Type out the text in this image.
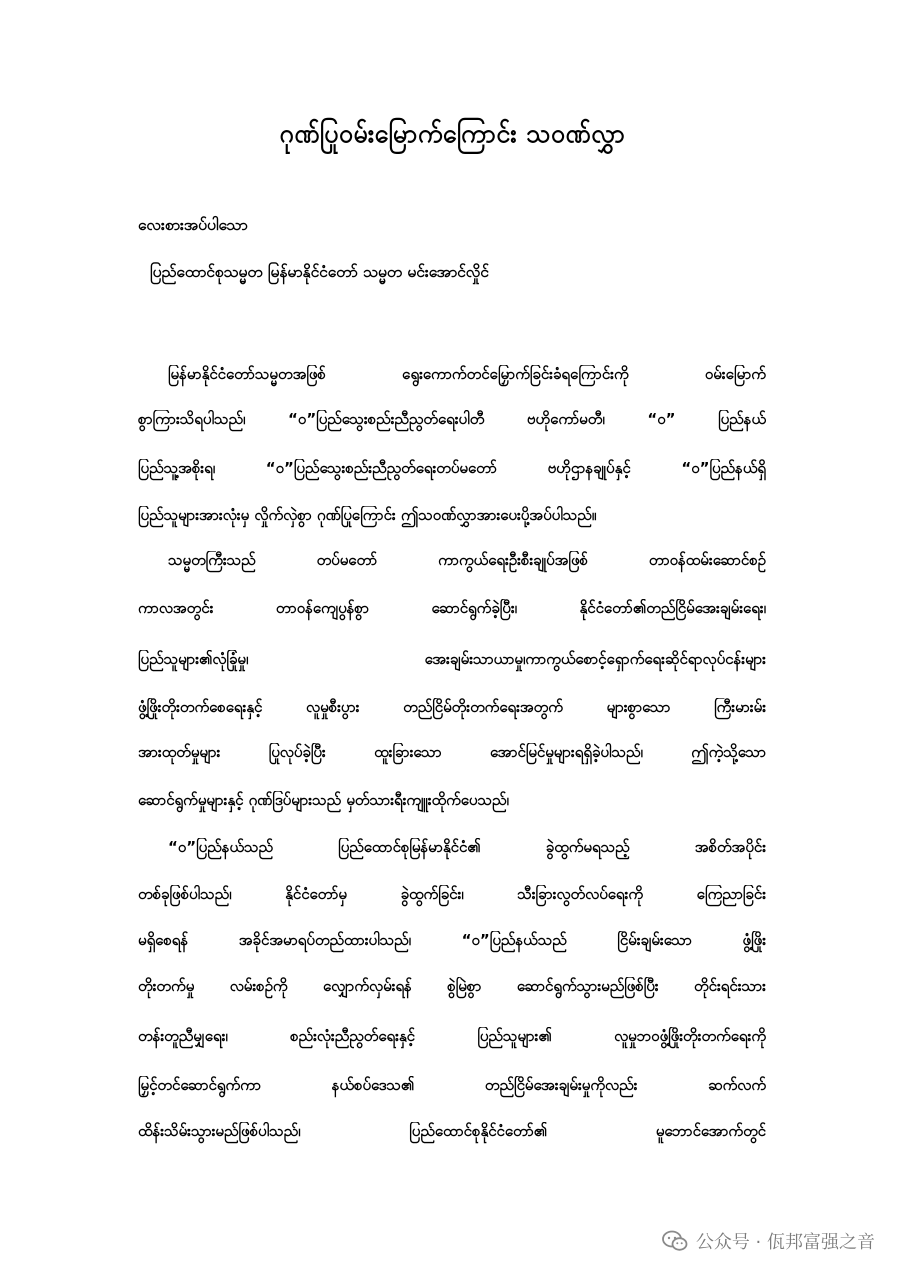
ဂုဏ်ပြုဝမ်းမြောက်ကြောင်း သဝဏ်လွှာ
လေးစားအပ်ပါသော
ပြည်ထောင်စုသမ္မတ မြန်မာနိုင်ငံတော် သမ္မတ မင်းအောင်လှိုင်
မြန်မာနိုင်ငံတော်သမ္မတအဖြစ် ရွေးကောက်တင်မြှောက်ခြင်းခံရကြောင်းကို ဝမ်းမြောက်
စွာကြားသိရပါသည်၊ “ဝ”ပြည်သွေးစည်းညီညွတ်ရေးပါတီ ဗဟိုကော်မတီ၊ “ဝ” ပြည်နယ်
ပြည်သူ့အစိုးရ၊ “ဝ”ပြည်သွေးစည်းညီညွတ်ရေးတပ်မတော် ဗဟိုဌာနချုပ်နှင့် “ဝ”ပြည်နယ်ရှိ
ပြည်သူများအားလုံးမှ လှိုက်လှဲစွာ ဂုဏ်ပြုကြောင်း ဤသဝဏ်လွှာအားပေးပို့အပ်ပါသည်။
သမ္မတကြီးသည် တပ်မတော် ကာကွယ်ရေးဦးစီးချုပ်အဖြစ် တာဝန်ထမ်းဆောင်စဉ်
ကာလအတွင်း တာဝန်ကျေပွန်စွာ ဆောင်ရွက်ခဲ့ပြီး၊ နိုင်ငံတော်၏တည်ငြိမ်အေးချမ်းရေး၊
ပြည်သူများ၏လုံခြုံမှု၊ အေးချမ်းသာယာမှု၊ကာကွယ်စောင့်ရှောက်ရေးဆိုင်ရာလုပ်ငန်းများ
ဖွံ့ဖြိုးတိုးတက်စေရေးနှင့် လူမှုစီးပွား တည်ငြိမ်တိုးတက်ရေးအတွက် များစွာသော ကြီးမားမ်း
အားထုတ်မှုများ ပြုလုပ်ခဲ့ပြီး ထူးခြားသော အောင်မြင်မှုများရရှိခဲ့ပါသည်၊ ဤကဲ့သို့သော
ဆောင်ရွက်မှုများနှင့် ဂုဏ်ဒြပ်များသည် မှတ်သားရီးကျူးထိုက်ပေသည်၊
“ဝ”ပြည်နယ်သည် ပြည်ထောင်စုမြန်မာနိုင်ငံ၏ ခွဲထွက်မရသည့် အစိတ်အပိုင်း
တစ်ခုဖြစ်ပါသည်၊ နိုင်ငံတော်မှ ခွဲထွက်ခြင်း၊ သီးခြားလွတ်လပ်ရေးကို ကြေညာခြင်း
မရှိစေရန် အခိုင်အမာရပ်တည်ထားပါသည်၊ “ဝ”ပြည်နယ်သည် ငြိမ်းချမ်းသော ဖွံ့ဖြိုး
တိုးတက်မှု လမ်းစဉ်ကို လျှောက်လှမ်းရန် စွဲမြဲစွာ ဆောင်ရွက်သွားမည်ဖြစ်ပြီး တိုင်းရင်းသား
တန်းတူညီမျှရေး၊ စည်းလုံးညီညွတ်ရေးနှင့် ပြည်သူများ၏ လူမှုဘဝဖွံ့ဖြိုးတိုးတက်ရေးကို
မြှင့်တင်ဆောင်ရွက်ကာ နယ်စပ်ဒေသ၏ တည်ငြိမ်အေးချမ်းမှုကိုလည်း ဆက်လက်
ထိန်းသိမ်းသွားမည်ဖြစ်ပါသည်၊ ပြည်ထောင်စုနိုင်ငံတော်၏ မူဘောင်အောက်တွင်
公众号 · 佤邦富强之音
